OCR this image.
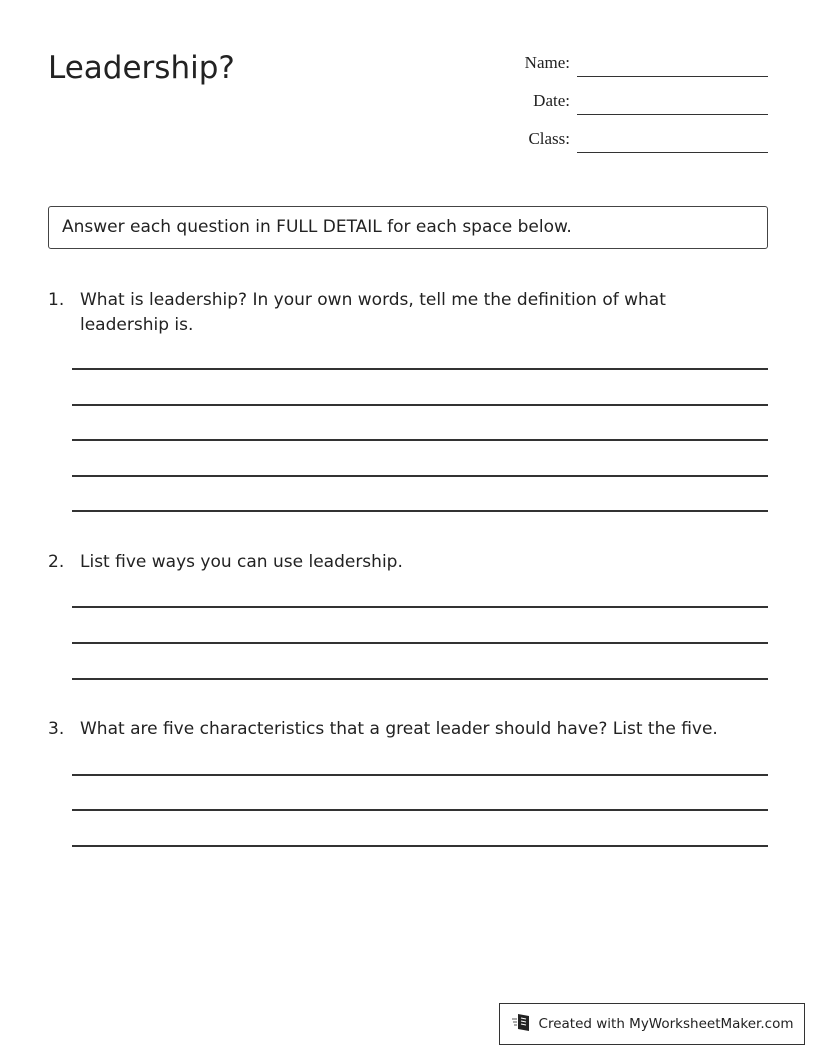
Leadership?	Name:
Date:
Class:
Answer each question in FULL DETAIL for each space below.
1. What is leadership? In your own words, tell me the definition of what leadership is.
2. List five ways you can use leadership.
3. What are five characteristics that a great leader should have? List the five.
Created with MyWorksheetMaker.com
